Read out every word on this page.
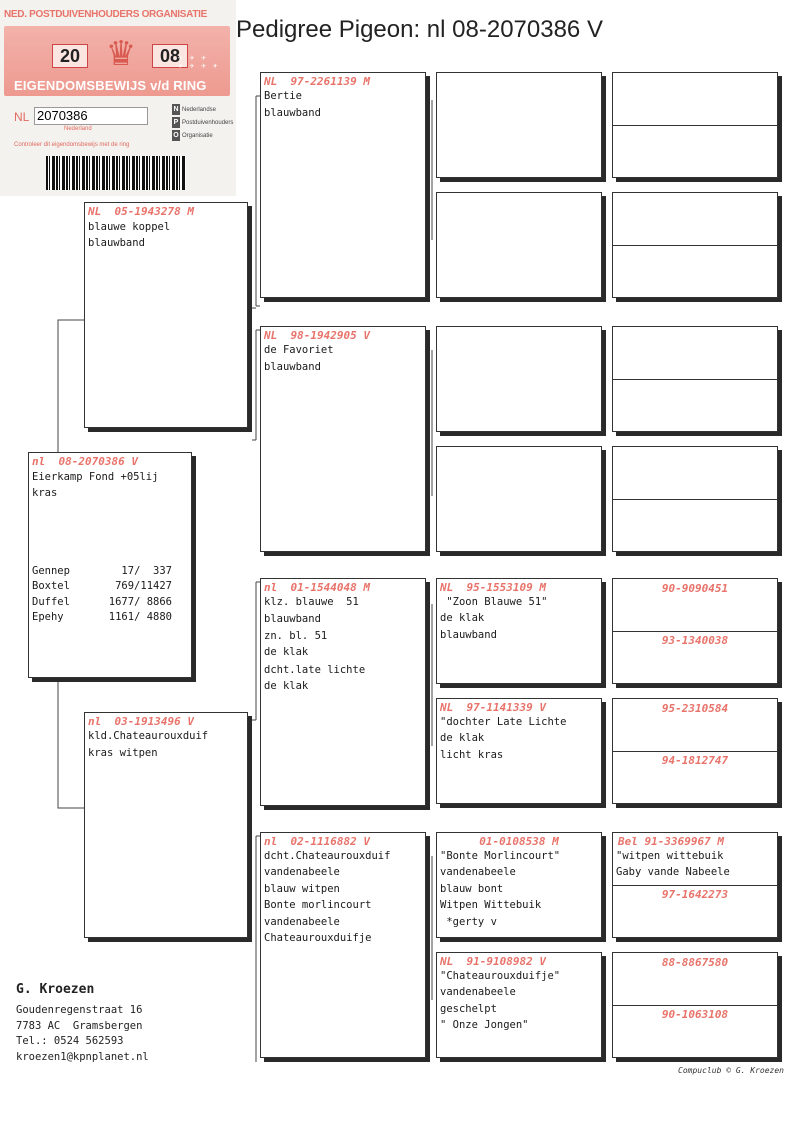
NED. POSTDUIVENHOUDERS ORGANISATIE
♛
20	08
✈ ✈ ✈
✈ ✈ ✈ ✈
EIGENDOMSBEWIJS v/d RING
NL 2070386
Nederland
N Nederlandse
P Postduivenhouders
O Organisatie
Controleer dit eigendomsbewijs met de ring
Pedigree Pigeon: nl 08-2070386 V
NL  05-1943278 M
blauwe koppel
blauwband
nl  08-2070386 V
Eierkamp Fond +05lij
kras
Gennep	17/  337
Boxtel	769/11427
Duffel	1677/ 8866
Epehy	1161/ 4880
nl  03-1913496 V
kld.Chateaurouxduif
kras witpen
NL  97-2261139 M
Bertie
blauwband
NL  98-1942905 V
de Favoriet
blauwband
nl  01-1544048 M
klz. blauwe  51
blauwband
zn. bl. 51
de klak
dcht.late lichte
de klak
nl  02-1116882 V
dcht.Chateaurouxduif
vandenabeele
blauw witpen
Bonte morlincourt
vandenabeele
Chateaurouxduifje
NL  95-1553109 M
"Zoon Blauwe 51"
de klak
blauwband
NL  97-1141339 V
"dochter Late Lichte
de klak
licht kras
01-0108538 M
"Bonte Morlincourt"
vandenabeele
blauw bont
Witpen Wittebuik
*gerty v
NL  91-9108982 V
"Chateaurouxduifje"
vandenabeele
geschelpt
" Onze Jongen"
90-9090451
93-1340038
95-2310584
94-1812747
Bel 91-3369967 M
"witpen wittebuik
Gaby vande Nabeele
97-1642273
88-8867580
90-1063108
G. Kroezen
Goudenregenstraat 16
7783 AC  Gramsbergen
Tel.: 0524 562593
kroezen1@kpnplanet.nl
Compuclub © G. Kroezen
